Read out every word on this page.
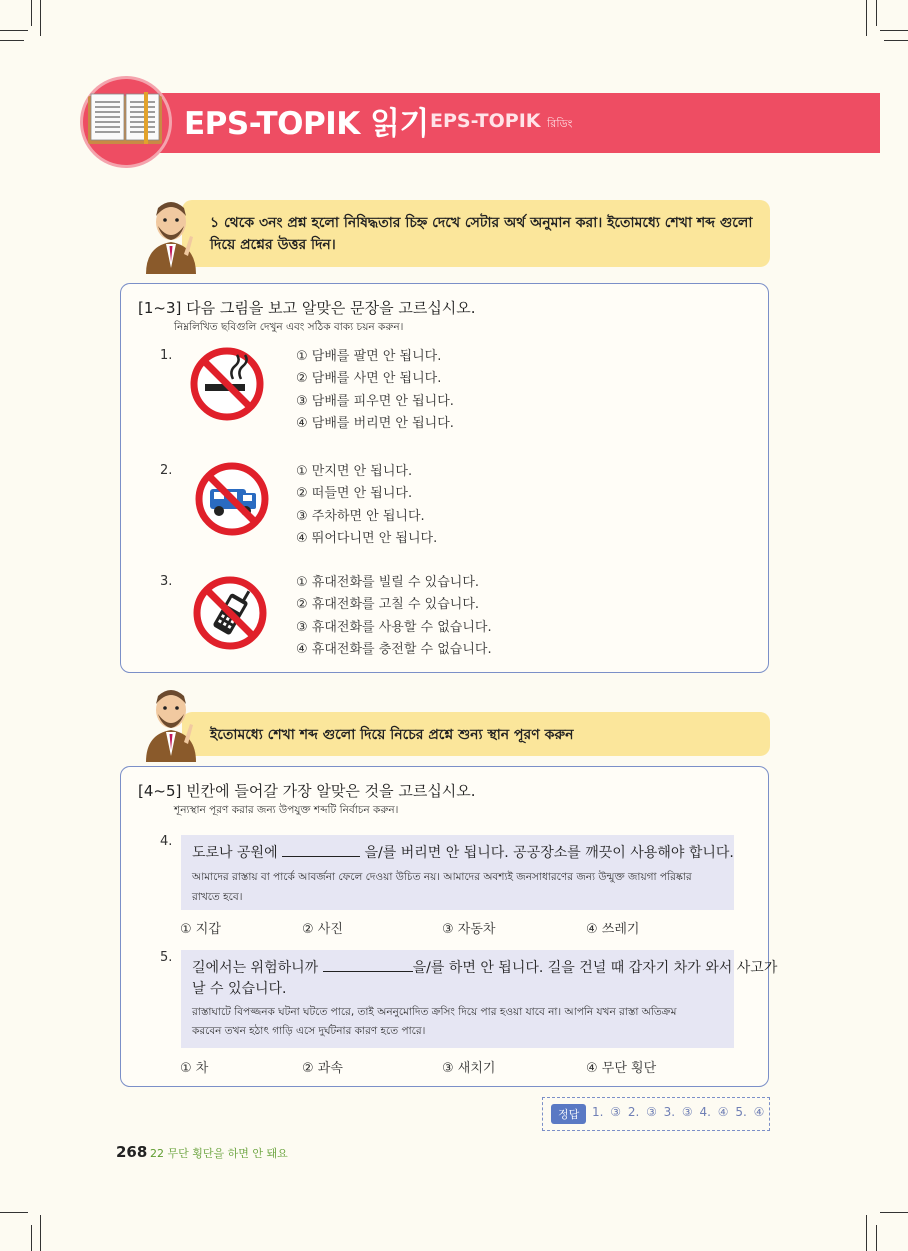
EPS-TOPIK 읽기 EPS-TOPIK রিডিং
১ থেকে ৩নং প্রশ্ন হলো নিষিদ্ধতার চিহ্ন দেখে সেটার অর্থ অনুমান করা। ইতোমধ্যে শেখা শব্দ গুলো
দিয়ে প্রশ্নের উত্তর দিন।
[1~3] 다음 그림을 보고 알맞은 문장을 고르십시오.
নিম্নলিখিত ছবিগুলি দেখুন এবং সঠিক বাক্য চয়ন করুন।
1.	① 담배를 팔면 안 됩니다.
② 담배를 사면 안 됩니다.
③ 담배를 피우면 안 됩니다.
④ 담배를 버리면 안 됩니다.
2.	① 만지면 안 됩니다.
② 떠들면 안 됩니다.
③ 주차하면 안 됩니다.
④ 뛰어다니면 안 됩니다.
3.	① 휴대전화를 빌릴 수 있습니다.
② 휴대전화를 고칠 수 있습니다.
③ 휴대전화를 사용할 수 없습니다.
④ 휴대전화를 충전할 수 없습니다.
ইতোমধ্যে শেখা শব্দ গুলো দিয়ে নিচের প্রশ্নে শুন্য স্থান পূরণ করুন
[4~5] 빈칸에 들어갈 가장 알맞은 것을 고르십시오.
শূন্যস্থান পূরণ করার জন্য উপযুক্ত শব্দটি নির্বাচন করুন।
4.
도로나 공원에	을/를 버리면 안 됩니다. 공공장소를 깨끗이 사용해야 합니다.
আমাদের রাস্তায় বা পার্কে আবর্জনা ফেলে দেওয়া উচিত নয়। আমাদের অবশ্যই জনসাধারণের জন্য উন্মুক্ত জায়গা পরিষ্কার
রাখতে হবে।
① 지갑	② 사진	③ 자동차	④ 쓰레기
5.
길에서는 위험하니까	을/를 하면 안 됩니다. 길을 건널 때 갑자기 차가 와서 사고가
날 수 있습니다.
রাস্তাঘাটে বিপজ্জনক ঘটনা ঘটতে পারে, তাই অননুমোদিত ক্রসিং দিয়ে পার হওয়া যাবে না। আপনি যখন রাস্তা অতিক্রম
করবেন তখন হঠাৎ গাড়ি এসে দুর্ঘটনার কারণ হতে পারে।
① 차	② 과속	③ 새치기	④ 무단 횡단
정답	1. ③ 2. ③ 3. ③ 4. ④ 5. ④
268 22 무단 횡단을 하면 안 돼요
